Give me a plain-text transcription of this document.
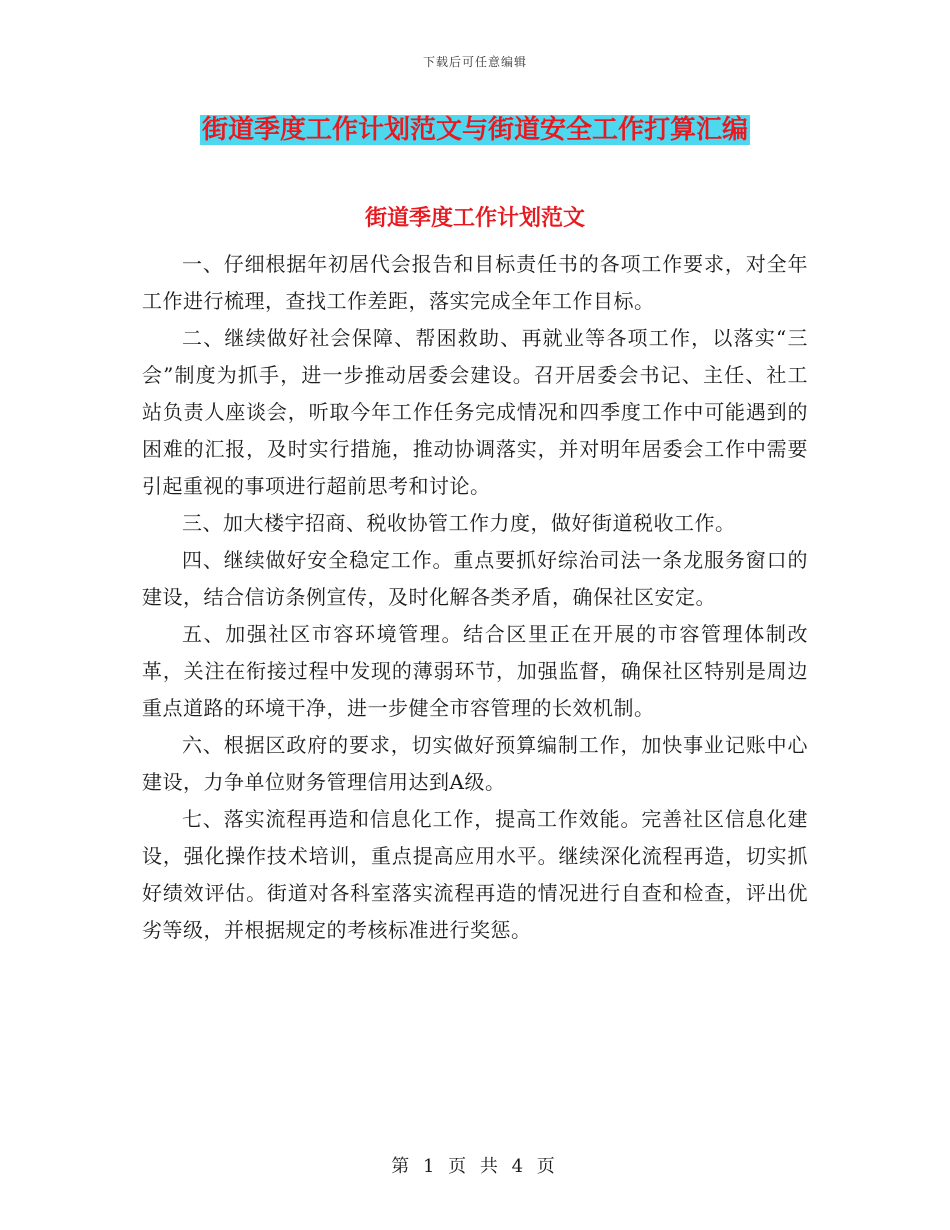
下载后可任意编辑
街道季度工作计划范文与街道安全工作打算汇编
街道季度工作计划范文

一、仔细根据年初居代会报告和目标责任书的各项工作要求，对全年工作进行梳理，查找工作差距，落实完成全年工作目标。

二、继续做好社会保障、帮困救助、再就业等各项工作，以落实“三会”制度为抓手，进一步推动居委会建设。召开居委会书记、主任、社工站负责人座谈会，听取今年工作任务完成情况和四季度工作中可能遇到的困难的汇报，及时实行措施，推动协调落实，并对明年居委会工作中需要引起重视的事项进行超前思考和讨论。

三、加大楼宇招商、税收协管工作力度，做好街道税收工作。

四、继续做好安全稳定工作。重点要抓好综治司法一条龙服务窗口的建设，结合信访条例宣传，及时化解各类矛盾，确保社区安定。

五、加强社区市容环境管理。结合区里正在开展的市容管理体制改革，关注在衔接过程中发现的薄弱环节，加强监督，确保社区特别是周边重点道路的环境干净，进一步健全市容管理的长效机制。

六、根据区政府的要求，切实做好预算编制工作，加快事业记账中心建设，力争单位财务管理信用达到A级。

七、落实流程再造和信息化工作，提高工作效能。完善社区信息化建设，强化操作技术培训，重点提高应用水平。继续深化流程再造，切实抓好绩效评估。街道对各科室落实流程再造的情况进行自查和检查，评出优劣等级，并根据规定的考核标准进行奖惩。

第 1 页 共 4 页
